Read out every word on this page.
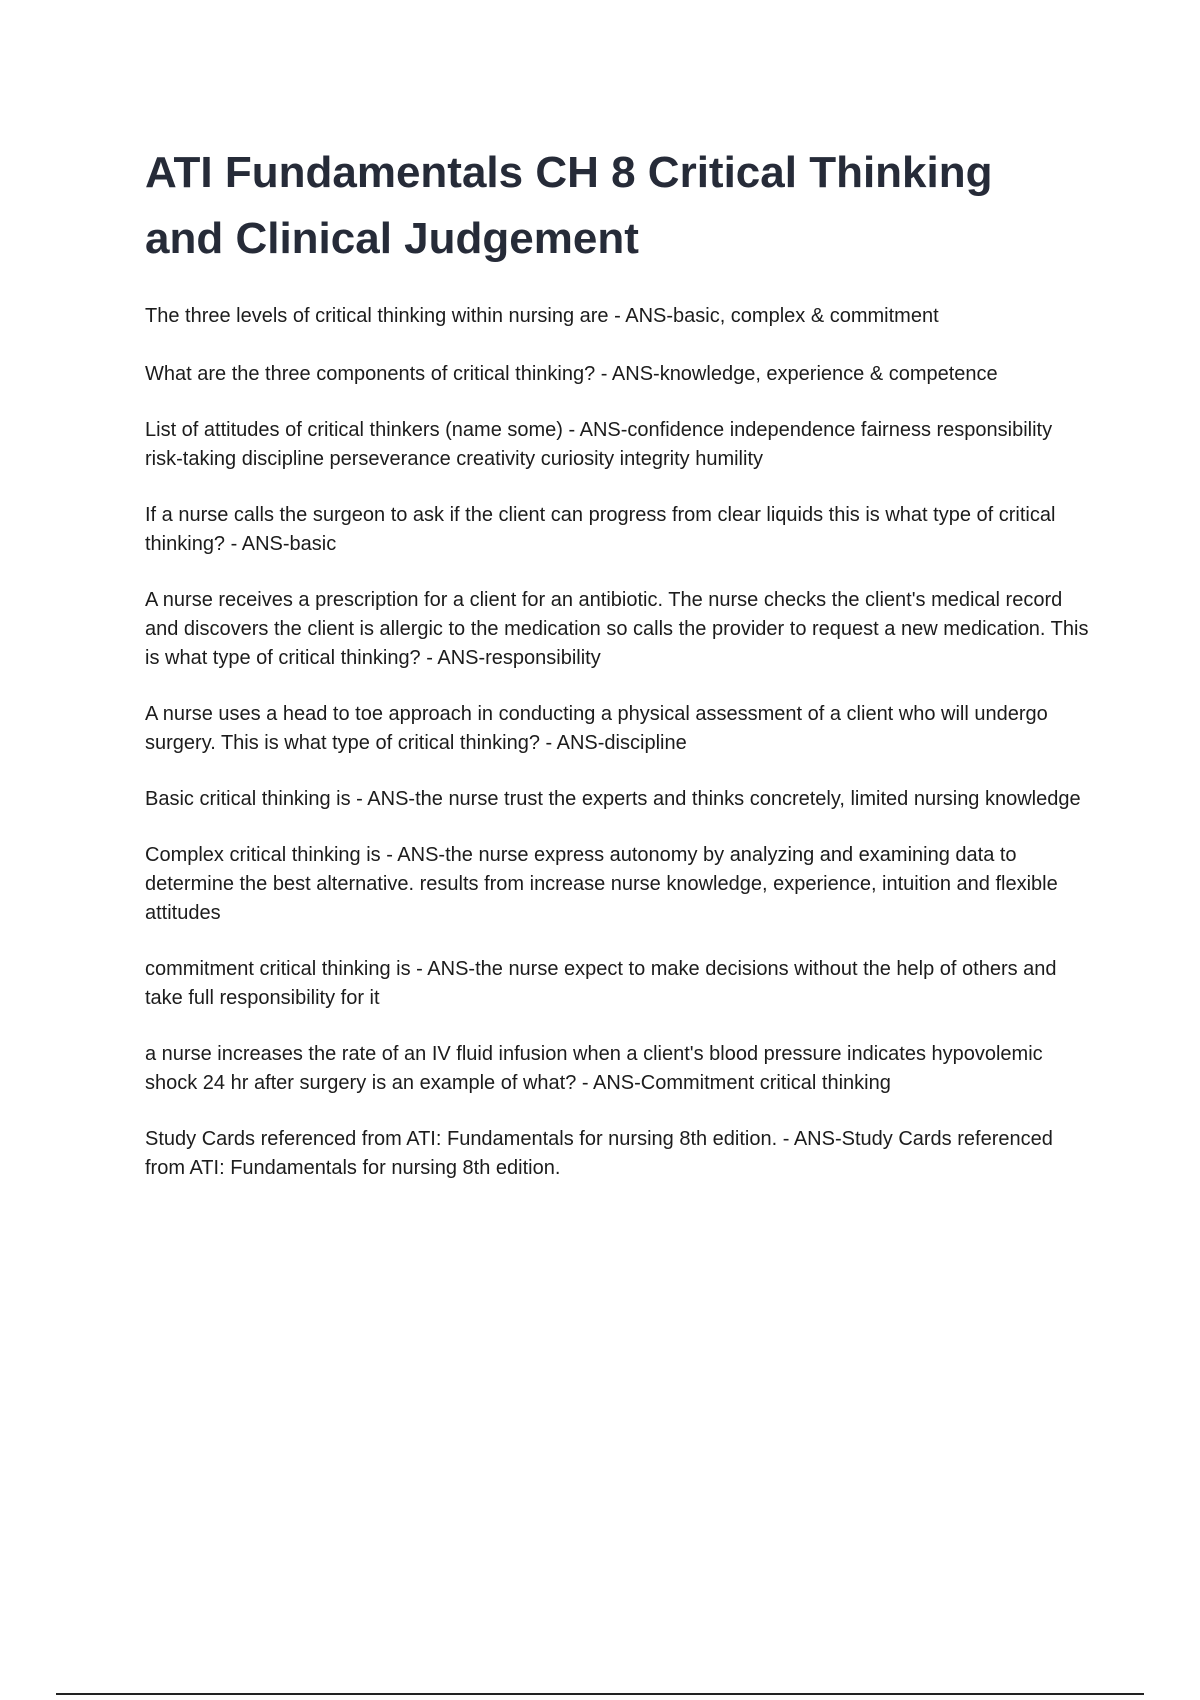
ATI Fundamentals CH 8 Critical Thinking
and Clinical Judgement

The three levels of critical thinking within nursing are - ANS-basic, complex & commitment

What are the three components of critical thinking? - ANS-knowledge, experience & competence

List of attitudes of critical thinkers (name some) - ANS-confidence independence fairness responsibility risk-taking discipline perseverance creativity curiosity integrity humility

If a nurse calls the surgeon to ask if the client can progress from clear liquids this is what type of critical thinking? - ANS-basic

A nurse receives a prescription for a client for an antibiotic. The nurse checks the client's medical record and discovers the client is allergic to the medication so calls the provider to request a new medication. This is what type of critical thinking? - ANS-responsibility

A nurse uses a head to toe approach in conducting a physical assessment of a client who will undergo surgery. This is what type of critical thinking? - ANS-discipline

Basic critical thinking is - ANS-the nurse trust the experts and thinks concretely, limited nursing knowledge

Complex critical thinking is - ANS-the nurse express autonomy by analyzing and examining data to determine the best alternative. results from increase nurse knowledge, experience, intuition and flexible attitudes

commitment critical thinking is - ANS-the nurse expect to make decisions without the help of others and take full responsibility for it

a nurse increases the rate of an IV fluid infusion when a client's blood pressure indicates hypovolemic shock 24 hr after surgery is an example of what? - ANS-Commitment critical thinking

Study Cards referenced from ATI: Fundamentals for nursing 8th edition. - ANS-Study Cards referenced from ATI: Fundamentals for nursing 8th edition.
